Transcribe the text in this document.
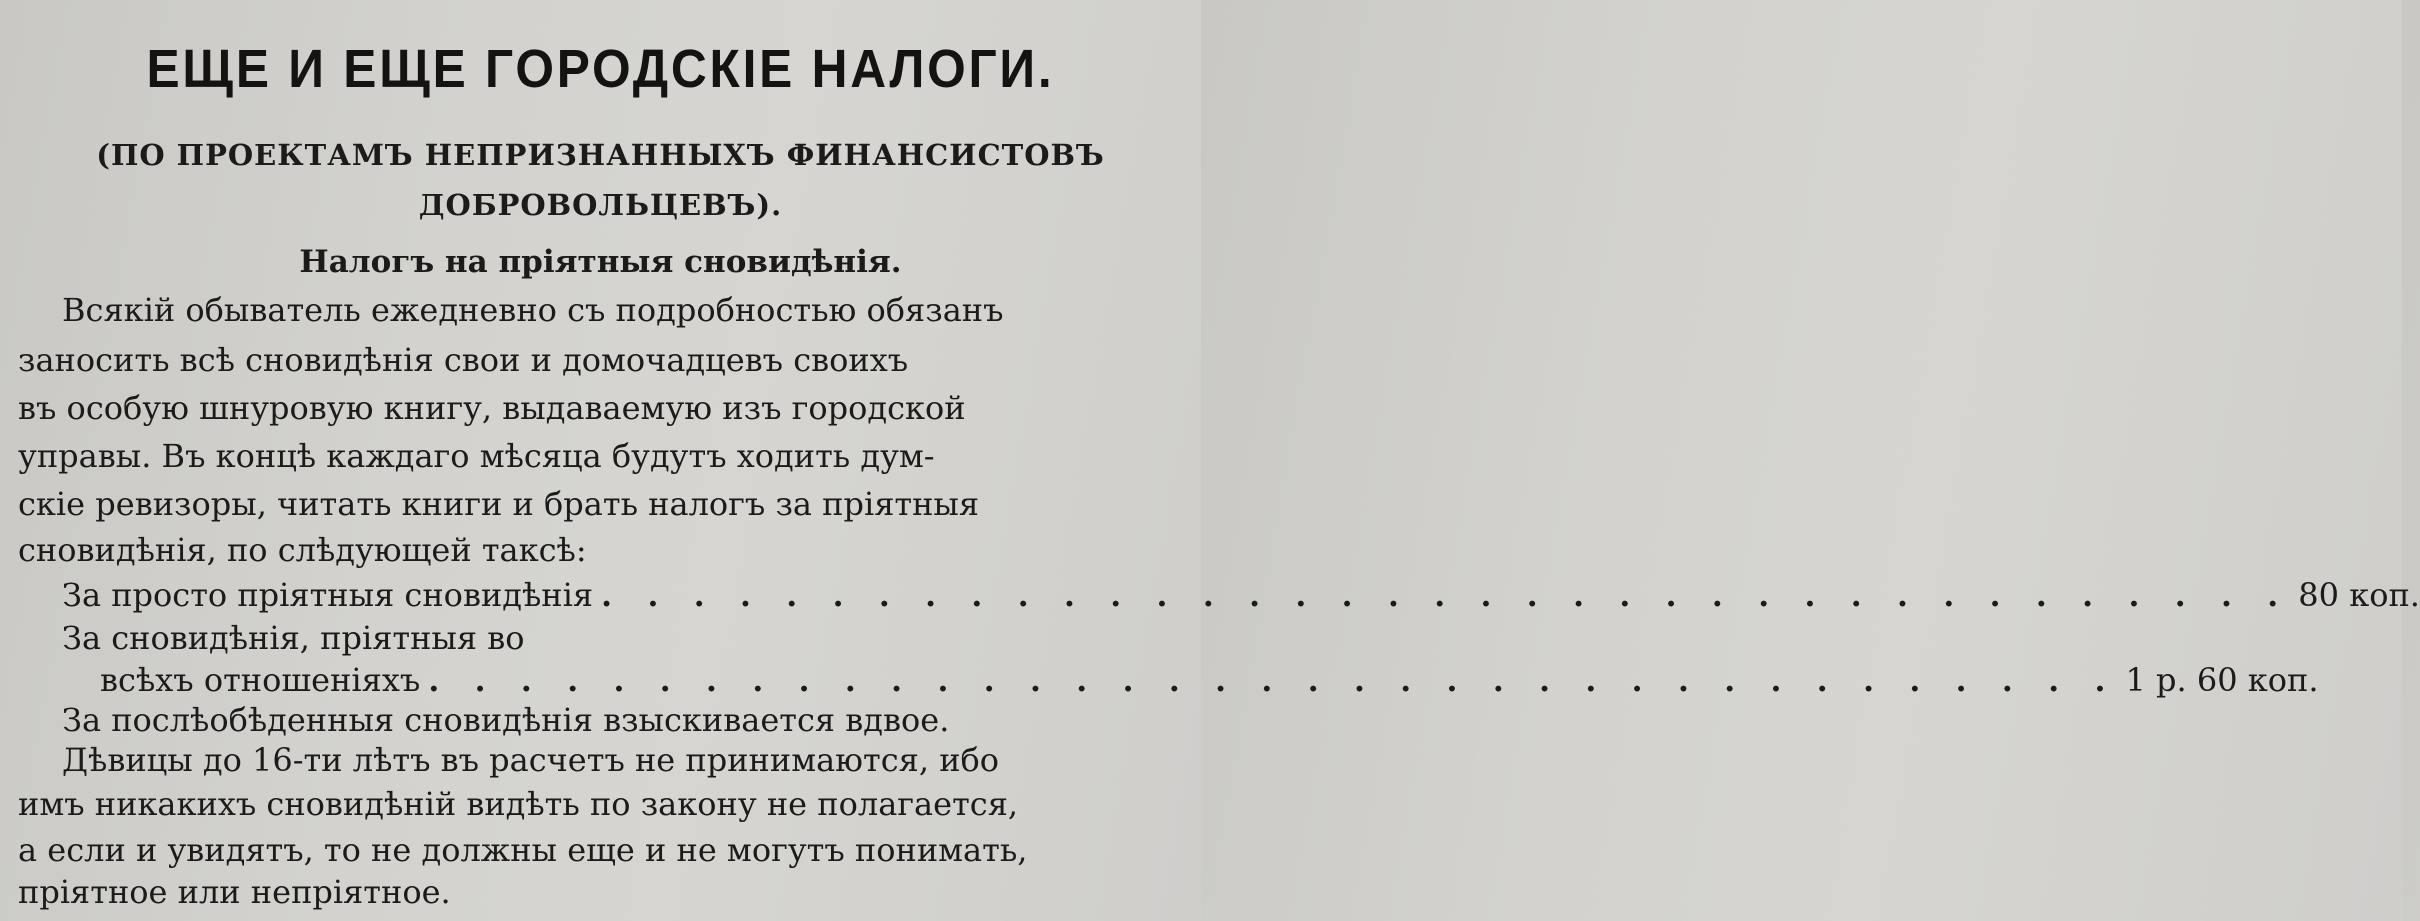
ЕЩЕ И ЕЩЕ ГОРОДСКIЕ НАЛОГИ.
(ПО ПРОЕКТАМЪ НЕПРИЗНАННЫХЪ ФИНАНСИСТОВЪ
ДОБРОВОЛЬЦЕВЪ).
Налогъ на прiятныя сновидѣнiя.
Всякiй обыватель ежедневно съ подробностью обязанъ
заносить всѣ сновидѣнiя свои и домочадцевъ своихъ
въ особую шнуровую книгу, выдаваемую изъ городской
управы. Въ концѣ каждаго мѣсяца будутъ ходить дум-
скiе ревизоры, читать книги и брать налогъ за прiятныя
сновидѣнiя, по слѣдующей таксѣ:
За просто прiятныя сновидѣнiя . . . . . . . . . . . . . . . . . . . . . . . . . . . . . . . . . . . . . 80 коп.
За сновидѣнiя, прiятныя во
всѣхъ отношенiяхъ . . . . . . . . . . . . . . . . . . . . . . . . . . . . . . . . . . . . . 1 р. 60 коп.
За послѣобѣденныя сновидѣнiя взыскивается вдвое.
Дѣвицы до 16-ти лѣтъ въ расчетъ не принимаются, ибо
имъ никакихъ сновидѣнiй видѣть по закону не полагается,
а если и увидятъ, то не должны еще и не могутъ понимать,
прiятное или непрiятное.
